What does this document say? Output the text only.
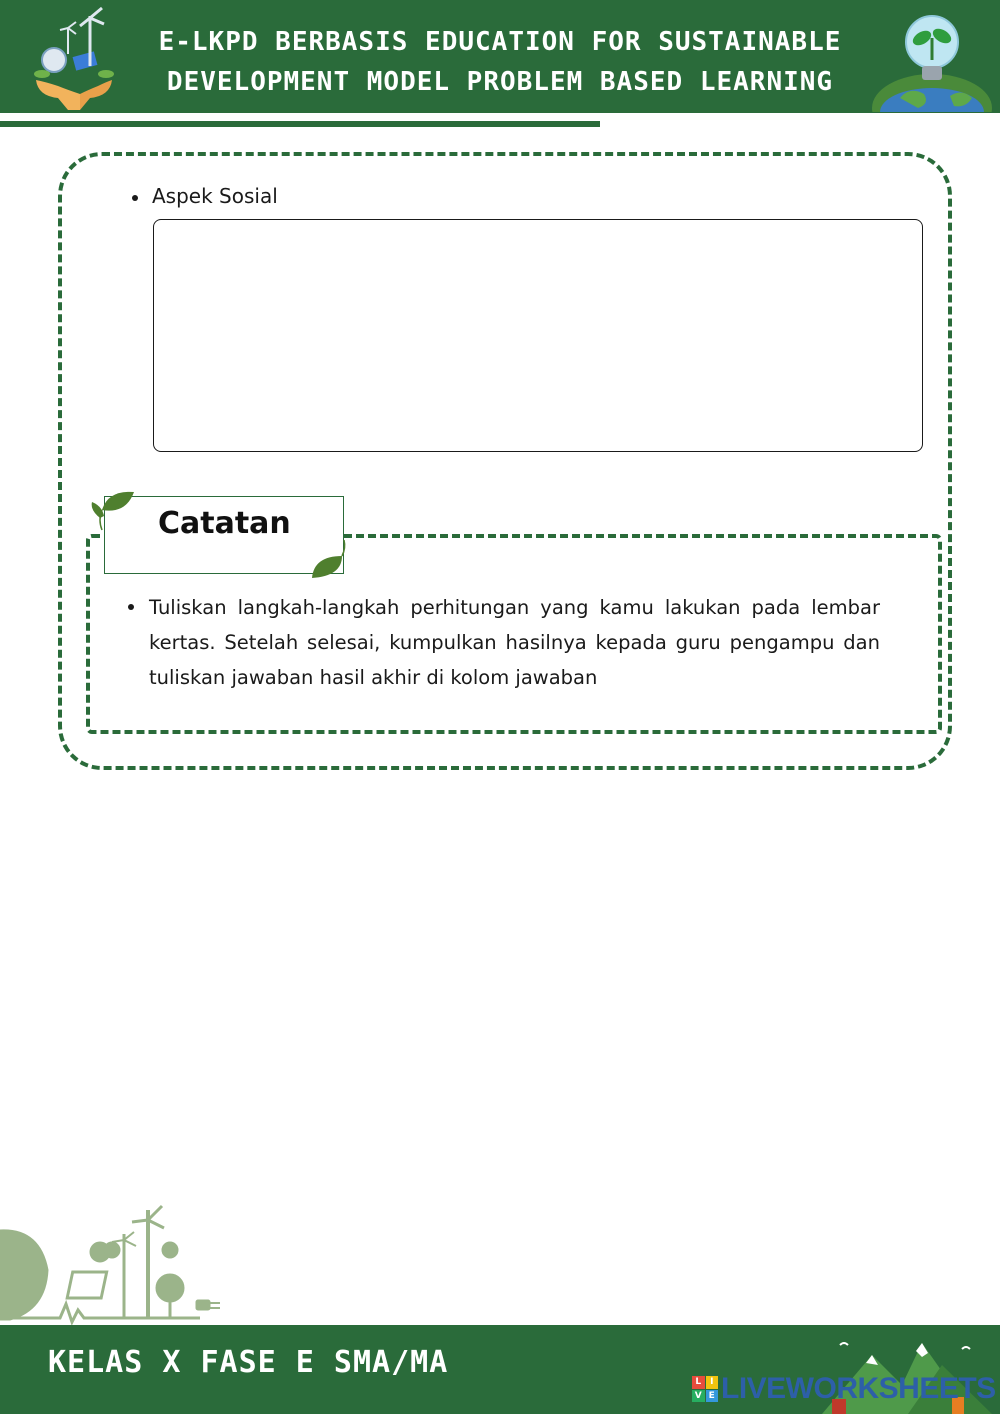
E-LKPD BERBASIS EDUCATION FOR SUSTAINABLE
DEVELOPMENT MODEL PROBLEM BASED LEARNING
Aspek Sosial
Catatan

Tuliskan langkah-langkah perhitungan yang kamu lakukan pada lembar kertas. Setelah selesai, kumpulkan hasilnya kepada guru pengampu dan tuliskan jawaban hasil akhir di kolom jawaban

KELAS X FASE E SMA/MA
L I
V E LIVEWORKSHEETS
